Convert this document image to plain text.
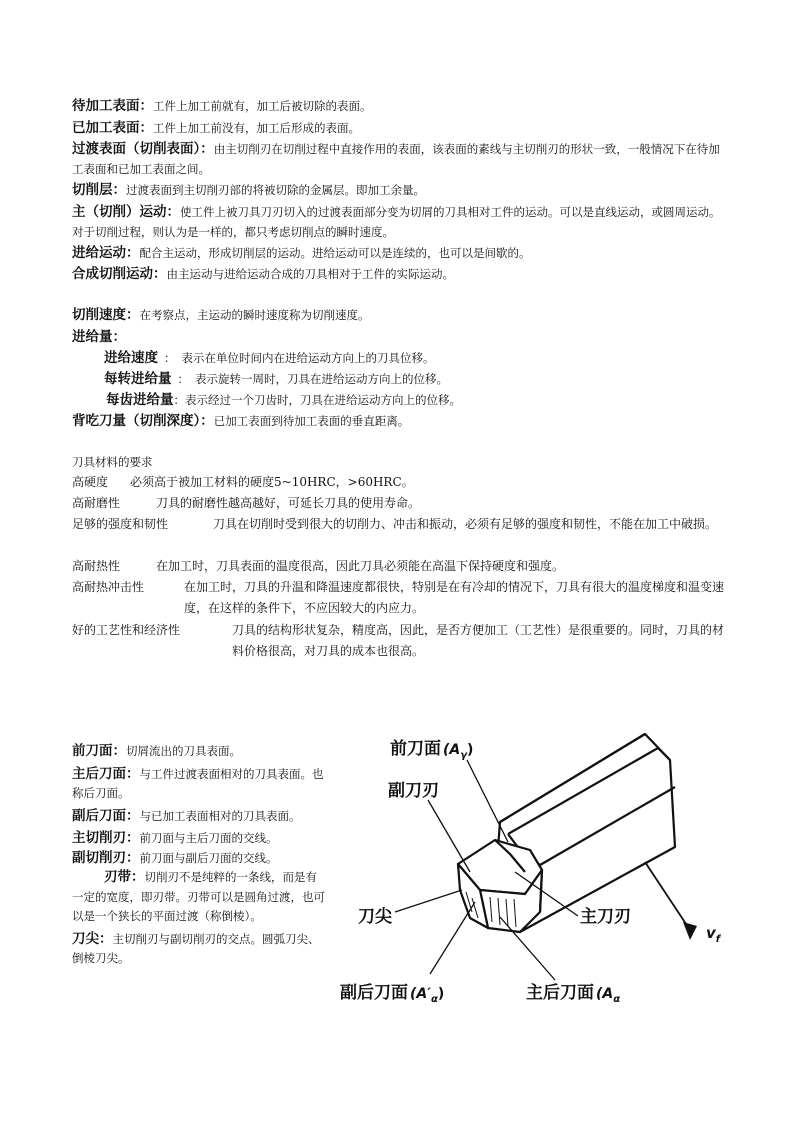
待加工表面：工件上加工前就有，加工后被切除的表面。
已加工表面：工件上加工前没有，加工后形成的表面。
过渡表面（切削表面）：由主切削刃在切削过程中直接作用的表面，该表面的素线与主切削刃的形状一致，一般情况下在待加工表面和已加工表面之间。
切削层：过渡表面到主切削刃部的将被切除的金属层。即加工余量。
主（切削）运动：使工件上被刀具刀刃切入的过渡表面部分变为切屑的刀具相对工件的运动。可以是直线运动，或圆周运动。对于切削过程，则认为是一样的，都只考虑切削点的瞬时速度。
进给运动：配合主运动，形成切削层的运动。进给运动可以是连续的，也可以是间歇的。
合成切削运动：由主运动与进给运动合成的刀具相对于工件的实际运动。
切削速度：在考察点，主运动的瞬时速度称为切削速度。
进给量：
进给速度 ： 表示在单位时间内在进给运动方向上的刀具位移。
每转进给量 ： 表示旋转一周时，刀具在进给运动方向上的位移。
每齿进给量：表示经过一个刀齿时，刀具在进给运动方向上的位移。
背吃刀量（切削深度）：已加工表面到待加工表面的垂直距离。
刀具材料的要求
高硬度 必须高于被加工材料的硬度5~10HRC，>60HRC。
高耐磨性	刀具的耐磨性越高越好，可延长刀具的使用寿命。
足够的强度和韧性	刀具在切削时受到很大的切削力、冲击和振动，必须有足够的强度和韧性，不能在加工中破损。
高耐热性	在加工时，刀具表面的温度很高，因此刀具必须能在高温下保持硬度和强度。
高耐热冲击性	在加工时，刀具的升温和降温速度都很快，特别是在有冷却的情况下，刀具有很大的温度梯度和温变速度，在这样的条件下，不应因较大的内应力。
好的工艺性和经济性	刀具的结构形状复杂，精度高，因此，是否方便加工（工艺性）是很重要的。同时，刀具的材料价格很高，对刀具的成本也很高。
前刀面：切屑流出的刀具表面。
主后刀面：与工件过渡表面相对的刀具表面。也称后刀面。
副后刀面：与已加工表面相对的刀具表面。
主切削刃：前刀面与主后刀面的交线。
副切削刃：前刀面与副后刀面的交线。
刃带：切削刃不是纯粹的一条线，而是有一定的宽度，即刃带。刃带可以是圆角过渡，也可以是一个狭长的平面过渡（称倒棱）。
刀尖：主切削刃与副切削刃的交点。圆弧刀尖、倒棱刀尖。
前刀面 ($A_\gamma^)$
副刀刃
刀尖	主刀刃
副后刀面 ($A'_\alpha^)$	主后刀面 ($A_\alpha$
$v_f$
